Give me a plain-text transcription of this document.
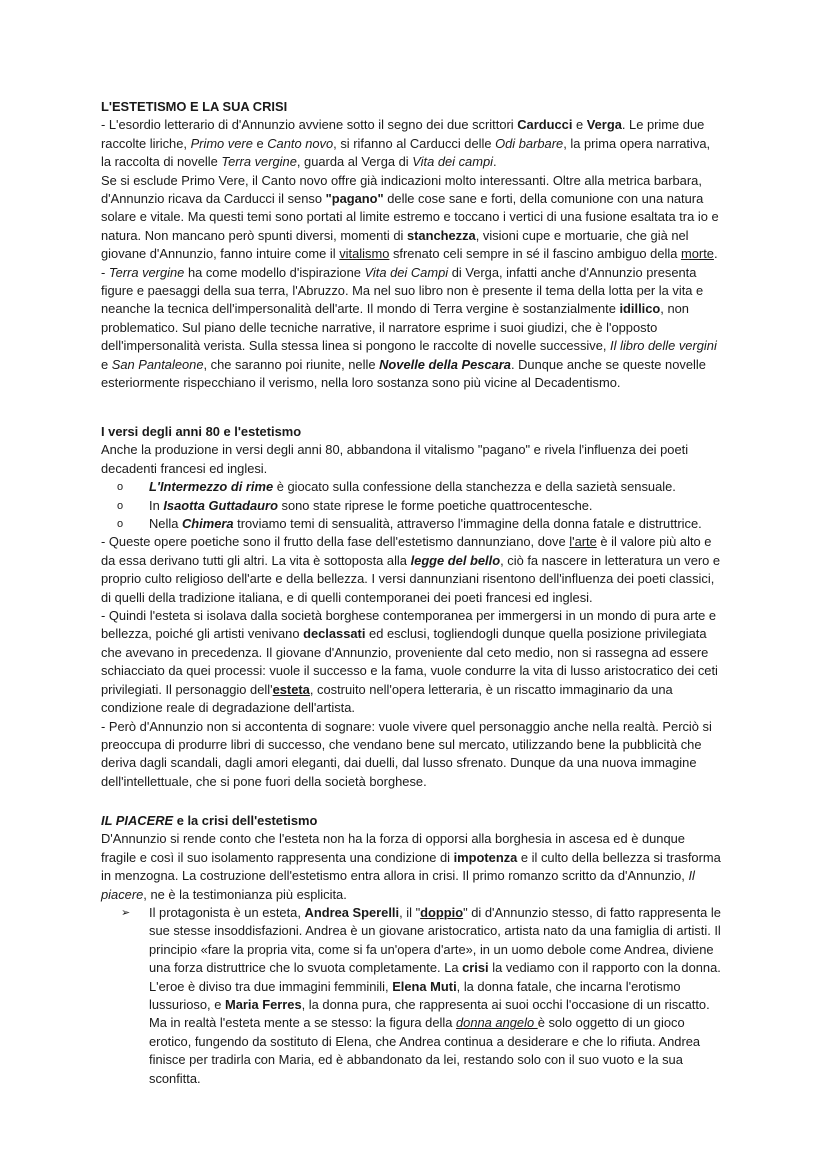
L'ESTETISMO E LA SUA CRISI

- L'esordio letterario di d'Annunzio avviene sotto il segno dei due scrittori Carducci e Verga. Le prime due raccolte liriche, Primo vere e Canto novo, si rifanno al Carducci delle Odi barbare, la prima opera narrativa, la raccolta di novelle Terra vergine, guarda al Verga di Vita dei campi.

Se si esclude Primo Vere, il Canto novo offre già indicazioni molto interessanti. Oltre alla metrica barbara, d'Annunzio ricava da Carducci il senso "pagano" delle cose sane e forti, della comunione con una natura solare e vitale. Ma questi temi sono portati al limite estremo e toccano i vertici di una fusione esaltata tra io e natura. Non mancano però spunti diversi, momenti di stanchezza, visioni cupe e mortuarie, che già nel giovane d'Annunzio, fanno intuire come il vitalismo sfrenato celi sempre in sé il fascino ambiguo della morte.

- Terra vergine ha come modello d'ispirazione Vita dei Campi di Verga, infatti anche d'Annunzio presenta figure e paesaggi della sua terra, l'Abruzzo. Ma nel suo libro non è presente il tema della lotta per la vita e neanche la tecnica dell'impersonalità dell'arte. Il mondo di Terra vergine è sostanzialmente idillico, non problematico. Sul piano delle tecniche narrative, il narratore esprime i suoi giudizi, che è l'opposto dell'impersonalità verista. Sulla stessa linea si pongono le raccolte di novelle successive, Il libro delle vergini e San Pantaleone, che saranno poi riunite, nelle Novelle della Pescara. Dunque anche se queste novelle esteriormente rispecchiano il verismo, nella loro sostanza sono più vicine al Decadentismo.

I versi degli anni 80 e l'estetismo

Anche la produzione in versi degli anni 80, abbandona il vitalismo "pagano" e rivela l'influenza dei poeti decadenti francesi ed inglesi.

o L'Intermezzo di rime è giocato sulla confessione della stanchezza e della sazietà sensuale.
o In Isaotta Guttadauro sono state riprese le forme poetiche quattrocentesche.
o Nella Chimera troviamo temi di sensualità, attraverso l'immagine della donna fatale e distruttrice.

- Queste opere poetiche sono il frutto della fase dell'estetismo dannunziano, dove l'arte è il valore più alto e da essa derivano tutti gli altri. La vita è sottoposta alla legge del bello, ciò fa nascere in letteratura un vero e proprio culto religioso dell'arte e della bellezza. I versi dannunziani risentono dell'influenza dei poeti classici, di quelli della tradizione italiana, e di quelli contemporanei dei poeti francesi ed inglesi.

- Quindi l'esteta si isolava dalla società borghese contemporanea per immergersi in un mondo di pura arte e bellezza, poiché gli artisti venivano declassati ed esclusi, togliendogli dunque quella posizione privilegiata che avevano in precedenza. Il giovane d'Annunzio, proveniente dal ceto medio, non si rassegna ad essere schiacciato da quei processi: vuole il successo e la fama, vuole condurre la vita di lusso aristocratico dei ceti privilegiati. Il personaggio dell'esteta, costruito nell'opera letteraria, è un riscatto immaginario da una condizione reale di degradazione dell'artista.

- Però d'Annunzio non si accontenta di sognare: vuole vivere quel personaggio anche nella realtà. Perciò si preoccupa di produrre libri di successo, che vendano bene sul mercato, utilizzando bene la pubblicità che deriva dagli scandali, dagli amori eleganti, dai duelli, dal lusso sfrenato. Dunque da una nuova immagine dell'intellettuale, che si pone fuori della società borghese.

IL PIACERE e la crisi dell'estetismo

D'Annunzio si rende conto che l'esteta non ha la forza di opporsi alla borghesia in ascesa ed è dunque fragile e così il suo isolamento rappresenta una condizione di impotenza e il culto della bellezza si trasforma in menzogna. La costruzione dell'estetismo entra allora in crisi. Il primo romanzo scritto da d'Annunzio, Il piacere, ne è la testimonianza più esplicita.

➢ Il protagonista è un esteta, Andrea Sperelli, il "doppio" di d'Annunzio stesso, di fatto rappresenta le sue stesse insoddisfazioni. Andrea è un giovane aristocratico, artista nato da una famiglia di artisti. Il principio «fare la propria vita, come si fa un'opera d'arte», in un uomo debole come Andrea, diviene una forza distruttrice che lo svuota completamente. La crisi la vediamo con il rapporto con la donna. L'eroe è diviso tra due immagini femminili, Elena Muti, la donna fatale, che incarna l'erotismo lussurioso, e Maria Ferres, la donna pura, che rappresenta ai suoi occhi l'occasione di un riscatto.

Ma in realtà l'esteta mente a se stesso: la figura della donna angelo è solo oggetto di un gioco erotico, fungendo da sostituto di Elena, che Andrea continua a desiderare e che lo rifiuta. Andrea finisce per tradirla con Maria, ed è abbandonato da lei, restando solo con il suo vuoto e la sua sconfitta.
